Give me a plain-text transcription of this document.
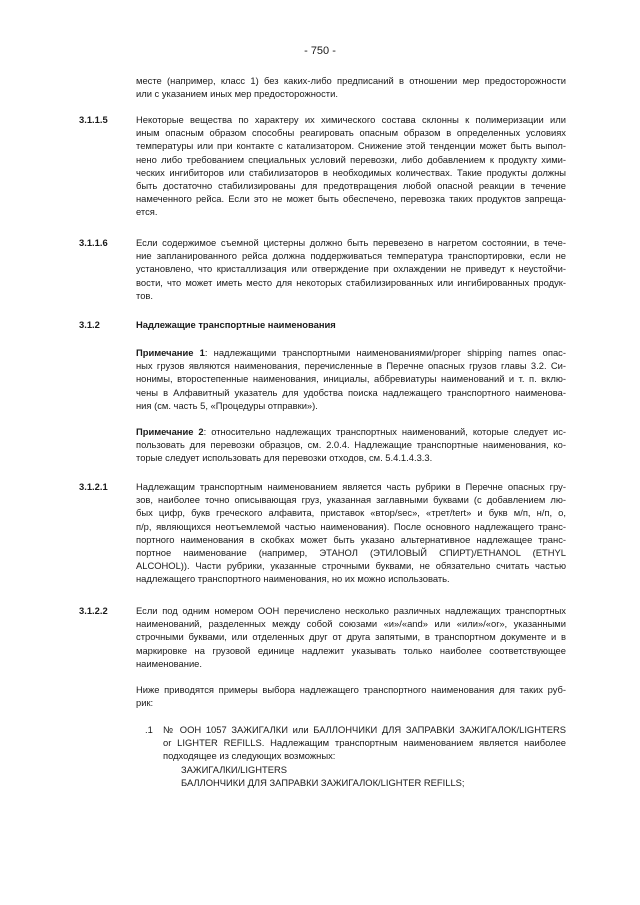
- 750 -
месте (например, класс 1) без каких-либо предписаний в отношении мер предосторожности
или с указанием иных мер предосторожности.
3.1.1.5	Некоторые вещества по характеру их химического состава склонны к полимеризации или
иным опасным образом способны реагировать опасным образом в определенных условиях
температуры или при контакте с катализатором. Снижение этой тенденции может быть выпол-
нено либо требованием специальных условий перевозки, либо добавлением к продукту хими-
ческих ингибиторов или стабилизаторов в необходимых количествах. Такие продукты должны
быть достаточно стабилизированы для предотвращения любой опасной реакции в течение
намеченного рейса. Если это не может быть обеспечено, перевозка таких продуктов запреща-
ется.
3.1.1.6	Если содержимое съемной цистерны должно быть перевезено в нагретом состоянии, в тече-
ние запланированного рейса должна поддерживаться температура транспортировки, если не
установлено, что кристаллизация или отверждение при охлаждении не приведут к неустойчи-
вости, что может иметь место для некоторых стабилизированных или ингибированных продук-
тов.
3.1.2	Надлежащие транспортные наименования
Примечание 1: надлежащими транспортными наименованиями/proper shipping names опас-
ных грузов являются наименования, перечисленные в Перечне опасных грузов главы 3.2. Си-
нонимы, второстепенные наименования, инициалы, аббревиатуры наименований и т. п. вклю-
чены в Алфавитный указатель для удобства поиска надлежащего транспортного наименова-
ния (см. часть 5, «Процедуры отправки»).
Примечание 2: относительно надлежащих транспортных наименований, которые следует ис-
пользовать для перевозки образцов, см. 2.0.4. Надлежащие транспортные наименования, ко-
торые следует использовать для перевозки отходов, см. 5.4.1.4.3.3.
3.1.2.1	Надлежащим транспортным наименованием является часть рубрики в Перечне опасных гру-
зов, наиболее точно описывающая груз, указанная заглавными буквами (с добавлением лю-
бых цифр, букв греческого алфавита, приставок «втор/sec», «трет/tert» и букв м/п, н/п, о,
п/р, являющихся неотъемлемой частью наименования). После основного надлежащего транс-
портного наименования в скобках может быть указано альтернативное надлежащее транс-
портное наименование (например, ЭТАНОЛ (ЭТИЛОВЫЙ СПИРТ)/ETHANOL (ETHYL
ALCOHOL)). Части рубрики, указанные строчными буквами, не обязательно считать частью
надлежащего транспортного наименования, но их можно использовать.
3.1.2.2	Если под одним номером ООН перечислено несколько различных надлежащих транспортных
наименований, разделенных между собой союзами «и»/«and» или «или»/«or», указанными
строчными буквами, или отделенных друг от друга запятыми, в транспортном документе и в
маркировке на грузовой единице надлежит указывать только наиболее соответствующее
наименование.
Ниже приводятся примеры выбора надлежащего транспортного наименования для таких руб-
рик:
.1 № ООН 1057 ЗАЖИГАЛКИ или БАЛЛОНЧИКИ ДЛЯ ЗАПРАВКИ ЗАЖИГАЛОК/LIGHTERS
or LIGHTER REFILLS. Надлежащим транспортным наименованием является наиболее
подходящее из следующих возможных:
ЗАЖИГАЛКИ/LIGHTERS
БАЛЛОНЧИКИ ДЛЯ ЗАПРАВКИ ЗАЖИГАЛОК/LIGHTER REFILLS;
